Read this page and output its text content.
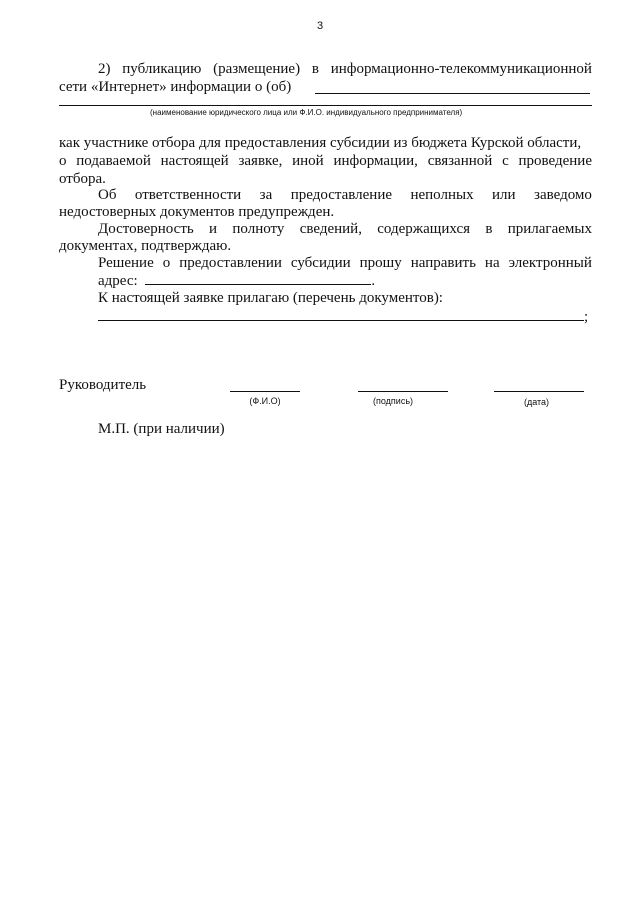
3
2) публикацию (размещение) в информационно-телекоммуникационной
сети «Интернет» информации о (об)
(наименование юридического лица или Ф.И.О. индивидуального предпринимателя)
как участнике отбора для предоставления субсидии из бюджета Курской области,
о подаваемой настоящей заявке, иной информации, связанной с проведение
отбора.
Об ответственности за предоставление неполных или заведомо
недостоверных документов предупрежден.
Достоверность и полноту сведений, содержащихся в прилагаемых
документах, подтверждаю.
Решение о предоставлении субсидии прошу направить на электронный
адрес:	.
К настоящей заявке прилагаю (перечень документов):
;
Руководитель
(Ф.И.О)	(подпись)	(дата)
М.П. (при наличии)
